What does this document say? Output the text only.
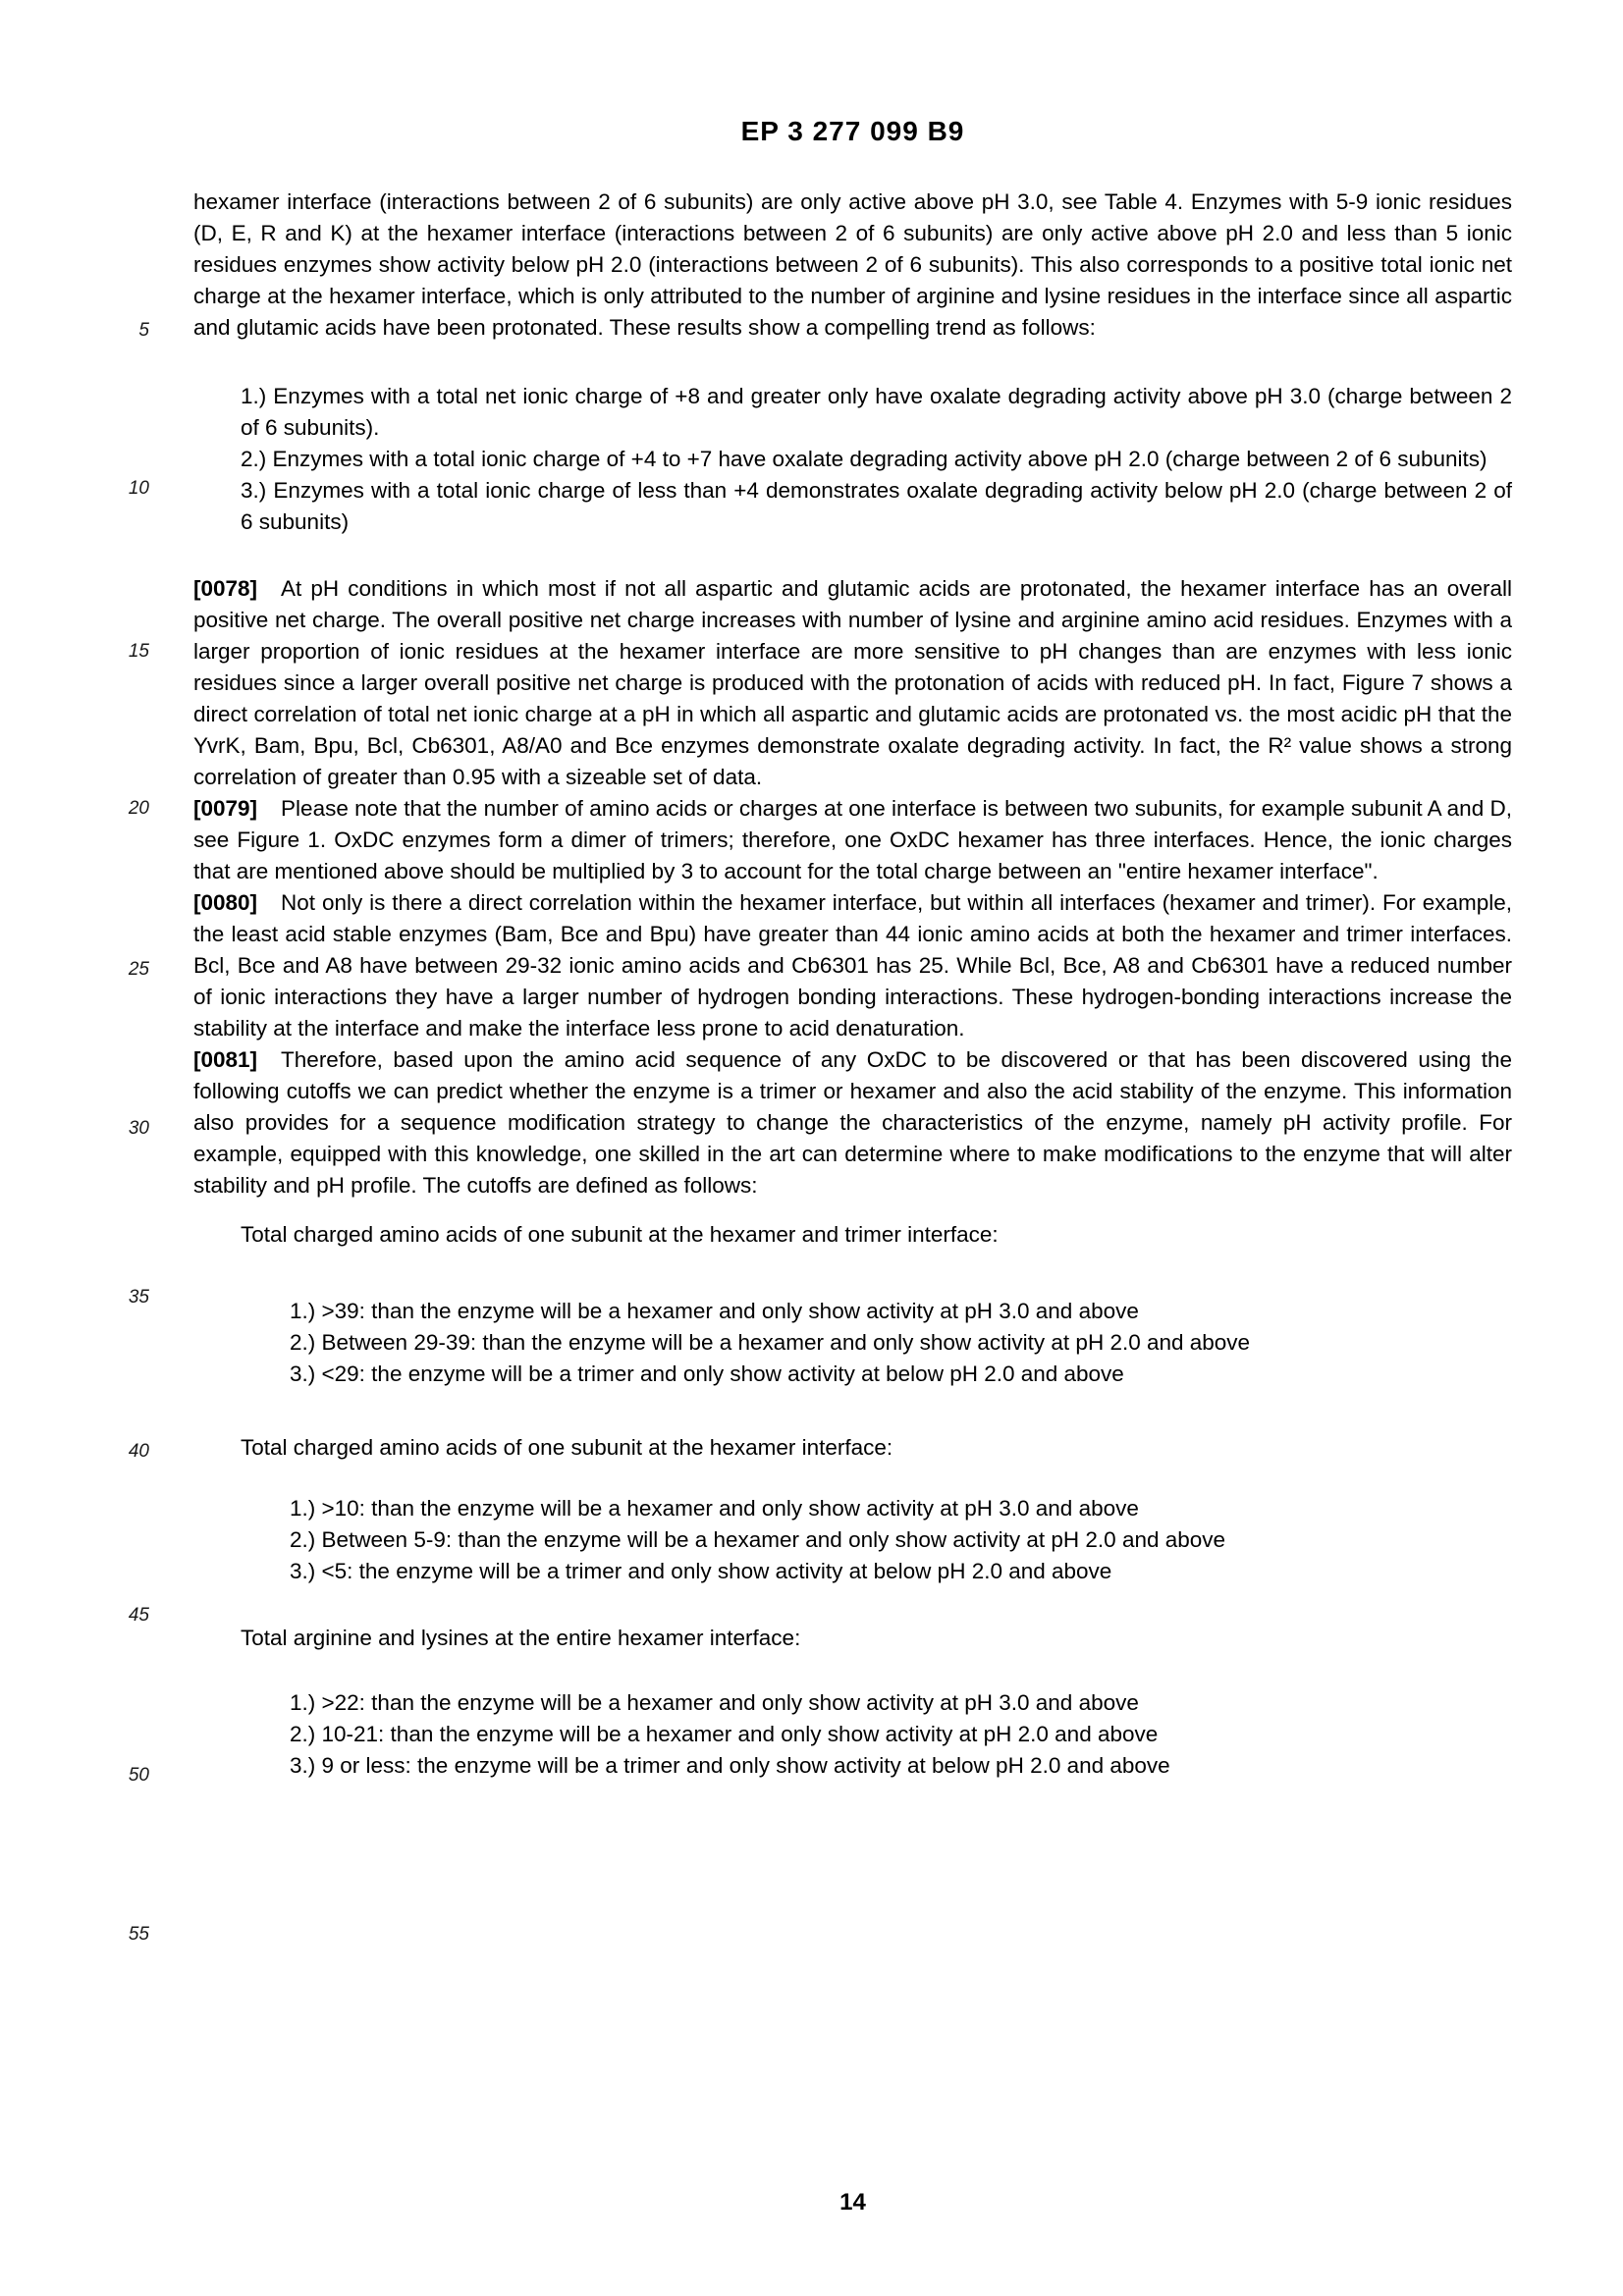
EP 3 277 099 B9
5
10
15
20
25
30
35
40
45
50
55

hexamer interface (interactions between 2 of 6 subunits) are only active above pH 3.0, see Table 4. Enzymes with 5-9 ionic residues (D, E, R and K) at the hexamer interface (interactions between 2 of 6 subunits) are only active above pH 2.0 and less than 5 ionic residues enzymes show activity below pH 2.0 (interactions between 2 of 6 subunits). This also corresponds to a positive total ionic net charge at the hexamer interface, which is only attributed to the number of arginine and lysine residues in the interface since all aspartic and glutamic acids have been protonated. These results show a compelling trend as follows:

1.) Enzymes with a total net ionic charge of +8 and greater only have oxalate degrading activity above pH 3.0 (charge between 2 of 6 subunits).
2.) Enzymes with a total ionic charge of +4 to +7 have oxalate degrading activity above pH 2.0 (charge between 2 of 6 subunits)
3.) Enzymes with a total ionic charge of less than +4 demonstrates oxalate degrading activity below pH 2.0 (charge between 2 of 6 subunits)

[0078] At pH conditions in which most if not all aspartic and glutamic acids are protonated, the hexamer interface has an overall positive net charge. The overall positive net charge increases with number of lysine and arginine amino acid residues. Enzymes with a larger proportion of ionic residues at the hexamer interface are more sensitive to pH changes than are enzymes with less ionic residues since a larger overall positive net charge is produced with the protonation of acids with reduced pH. In fact, Figure 7 shows a direct correlation of total net ionic charge at a pH in which all aspartic and glutamic acids are protonated vs. the most acidic pH that the YvrK, Bam, Bpu, Bcl, Cb6301, A8/A0 and Bce enzymes demonstrate oxalate degrading activity. In fact, the R² value shows a strong correlation of greater than 0.95 with a sizeable set of data.

[0079] Please note that the number of amino acids or charges at one interface is between two subunits, for example subunit A and D, see Figure 1. OxDC enzymes form a dimer of trimers; therefore, one OxDC hexamer has three interfaces. Hence, the ionic charges that are mentioned above should be multiplied by 3 to account for the total charge between an "entire hexamer interface".

[0080] Not only is there a direct correlation within the hexamer interface, but within all interfaces (hexamer and trimer). For example, the least acid stable enzymes (Bam, Bce and Bpu) have greater than 44 ionic amino acids at both the hexamer and trimer interfaces. Bcl, Bce and A8 have between 29-32 ionic amino acids and Cb6301 has 25. While Bcl, Bce, A8 and Cb6301 have a reduced number of ionic interactions they have a larger number of hydrogen bonding interactions. These hydrogen-bonding interactions increase the stability at the interface and make the interface less prone to acid denaturation.

[0081] Therefore, based upon the amino acid sequence of any OxDC to be discovered or that has been discovered using the following cutoffs we can predict whether the enzyme is a trimer or hexamer and also the acid stability of the enzyme. This information also provides for a sequence modification strategy to change the characteristics of the enzyme, namely pH activity profile. For example, equipped with this knowledge, one skilled in the art can determine where to make modifications to the enzyme that will alter stability and pH profile. The cutoffs are defined as follows:

Total charged amino acids of one subunit at the hexamer and trimer interface:
1.) >39: than the enzyme will be a hexamer and only show activity at pH 3.0 and above
2.) Between 29-39: than the enzyme will be a hexamer and only show activity at pH 2.0 and above
3.) <29: the enzyme will be a trimer and only show activity at below pH 2.0 and above
Total charged amino acids of one subunit at the hexamer interface:
1.) >10: than the enzyme will be a hexamer and only show activity at pH 3.0 and above
2.) Between 5-9: than the enzyme will be a hexamer and only show activity at pH 2.0 and above
3.) <5: the enzyme will be a trimer and only show activity at below pH 2.0 and above
Total arginine and lysines at the entire hexamer interface:
1.) >22: than the enzyme will be a hexamer and only show activity at pH 3.0 and above
2.) 10-21: than the enzyme will be a hexamer and only show activity at pH 2.0 and above
3.) 9 or less: the enzyme will be a trimer and only show activity at below pH 2.0 and above
14
